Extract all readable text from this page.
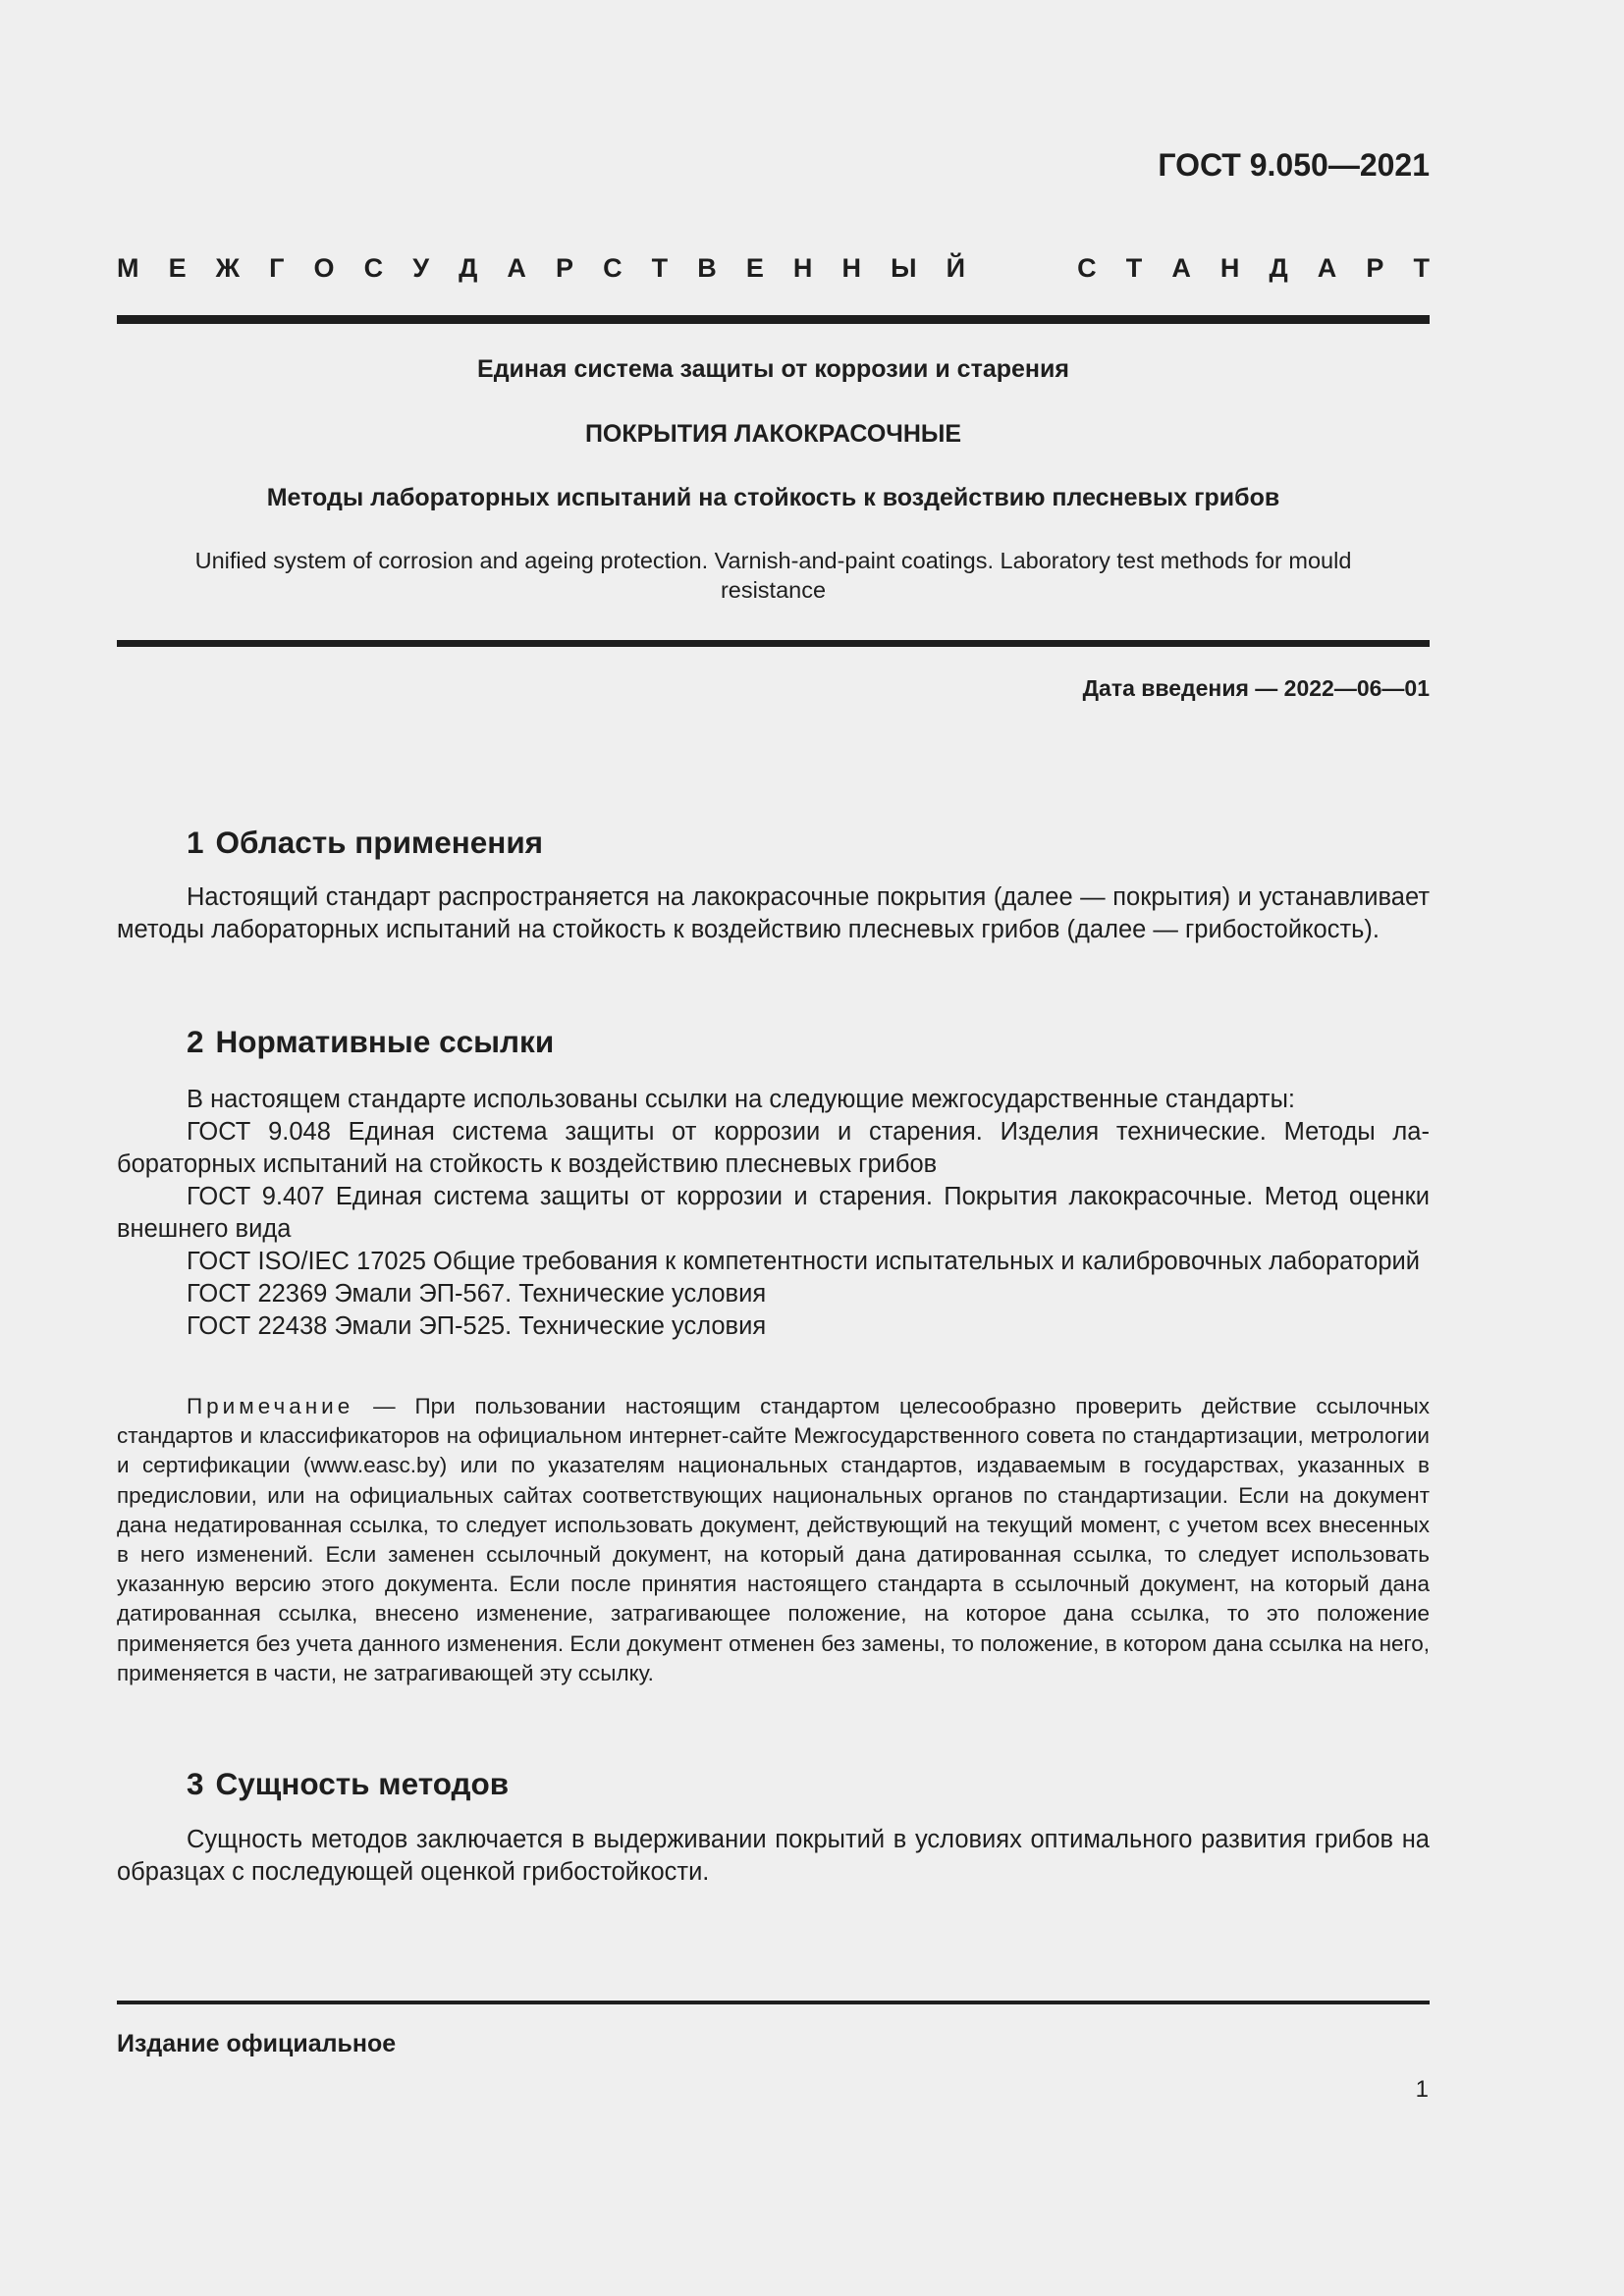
ГОСТ 9.050—2021
М Е Ж Г О С У Д А Р С Т В Е Н Н Ы Й	С Т А Н Д А Р Т
Единая система защиты от коррозии и старения
ПОКРЫТИЯ ЛАКОКРАСОЧНЫЕ
Методы лабораторных испытаний на стойкость к воздействию плесневых грибов
Unified system of corrosion and ageing protection. Varnish-and-paint coatings. Laboratory test methods for mould resistance
Дата введения — 2022—06—01
1 Область применения

Настоящий стандарт распространяется на лакокрасочные покрытия (далее — покрытия) и устанавливает методы лабораторных испытаний на стойкость к воздействию плесневых грибов (далее — грибостойкость).

2 Нормативные ссылки

В настоящем стандарте использованы ссылки на следующие межгосударственные стандарты:

ГОСТ 9.048 Единая система защиты от коррозии и старения. Изделия технические. Методы лабораторных испытаний на стойкость к воздействию плесневых грибов

ГОСТ 9.407 Единая система защиты от коррозии и старения. Покрытия лакокрасочные. Метод оценки внешнего вида

ГОСТ ISO/IEC 17025 Общие требования к компетентности испытательных и калибровочных лабораторий

ГОСТ 22369 Эмали ЭП-567. Технические условия

ГОСТ 22438 Эмали ЭП-525. Технические условия

Примечание — При пользовании настоящим стандартом целесообразно проверить действие ссылочных стандартов и классификаторов на официальном интернет-сайте Межгосударственного совета по стандартизации, метрологии и сертификации (www.easc.by) или по указателям национальных стандартов, издаваемым в государствах, указанных в предисловии, или на официальных сайтах соответствующих национальных органов по стандартизации. Если на документ дана недатированная ссылка, то следует использовать документ, действующий на текущий момент, с учетом всех внесенных в него изменений. Если заменен ссылочный документ, на который дана датированная ссылка, то следует использовать указанную версию этого документа. Если после принятия настоящего стандарта в ссылочный документ, на который дана датированная ссылка, внесено изменение, затрагивающее положение, на которое дана ссылка, то это положение применяется без учета данного изменения. Если документ отменен без замены, то положение, в котором дана ссылка на него, применяется в части, не затрагивающей эту ссылку.

3 Сущность методов

Сущность методов заключается в выдерживании покрытий в условиях оптимального развития грибов на образцах с последующей оценкой грибостойкости.

Издание официальное
1
